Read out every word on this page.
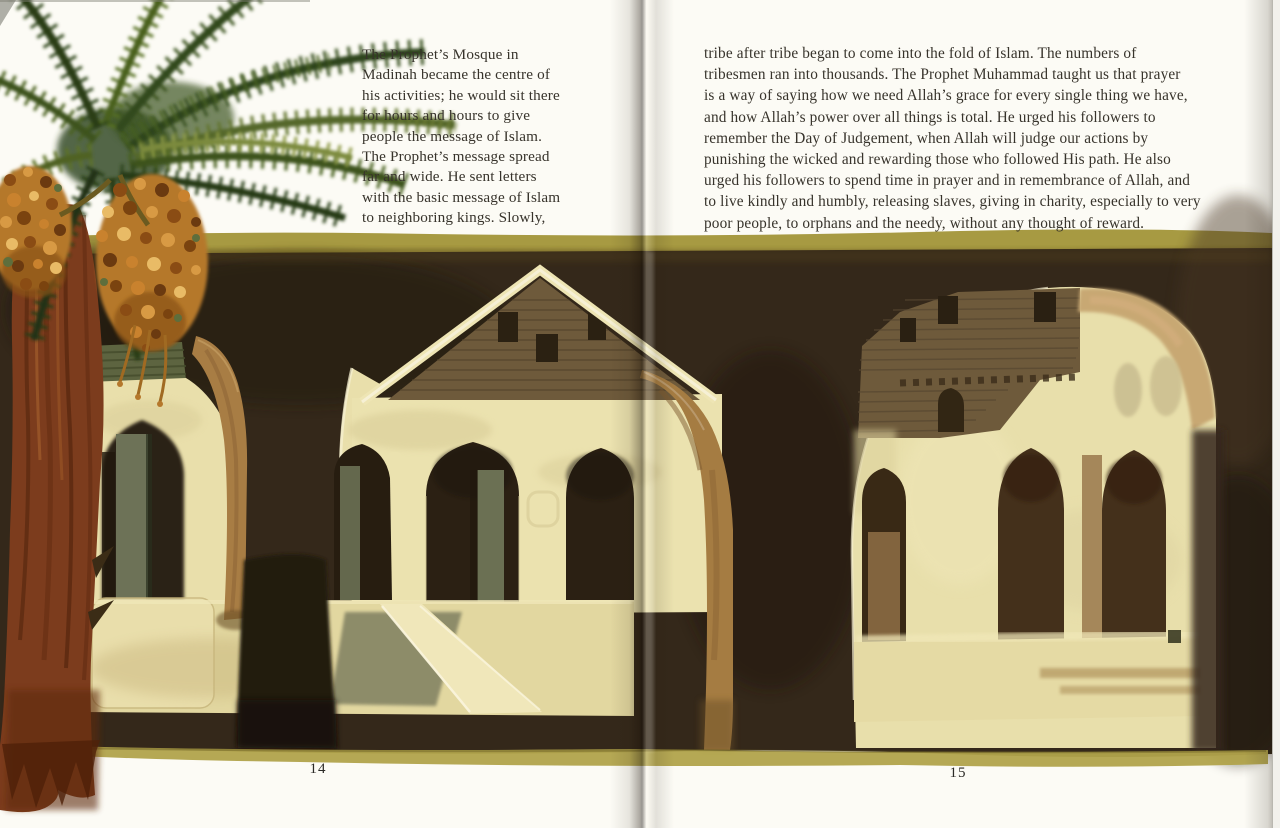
The Prophet’s Mosque in
Madinah became the centre of
his activities; he would sit there
for hours and hours to give
people the message of Islam.
The Prophet’s message spread
far and wide. He sent letters
with the basic message of Islam
to neighboring kings. Slowly,
tribe after tribe began to come into the fold of Islam. The numbers of
tribesmen ran into thousands. The Prophet Muhammad taught us that prayer
is a way of saying how we need Allah’s grace for every single thing we have,
and how Allah’s power over all things is total. He urged his followers to
remember the Day of Judgement, when Allah will judge our actions by
punishing the wicked and rewarding those who followed His path. He also
urged his followers to spend time in prayer and in remembrance of Allah, and
to live kindly and humbly, releasing slaves, giving in charity, especially to very
poor people, to orphans and the needy, without any thought of reward.
14	15
